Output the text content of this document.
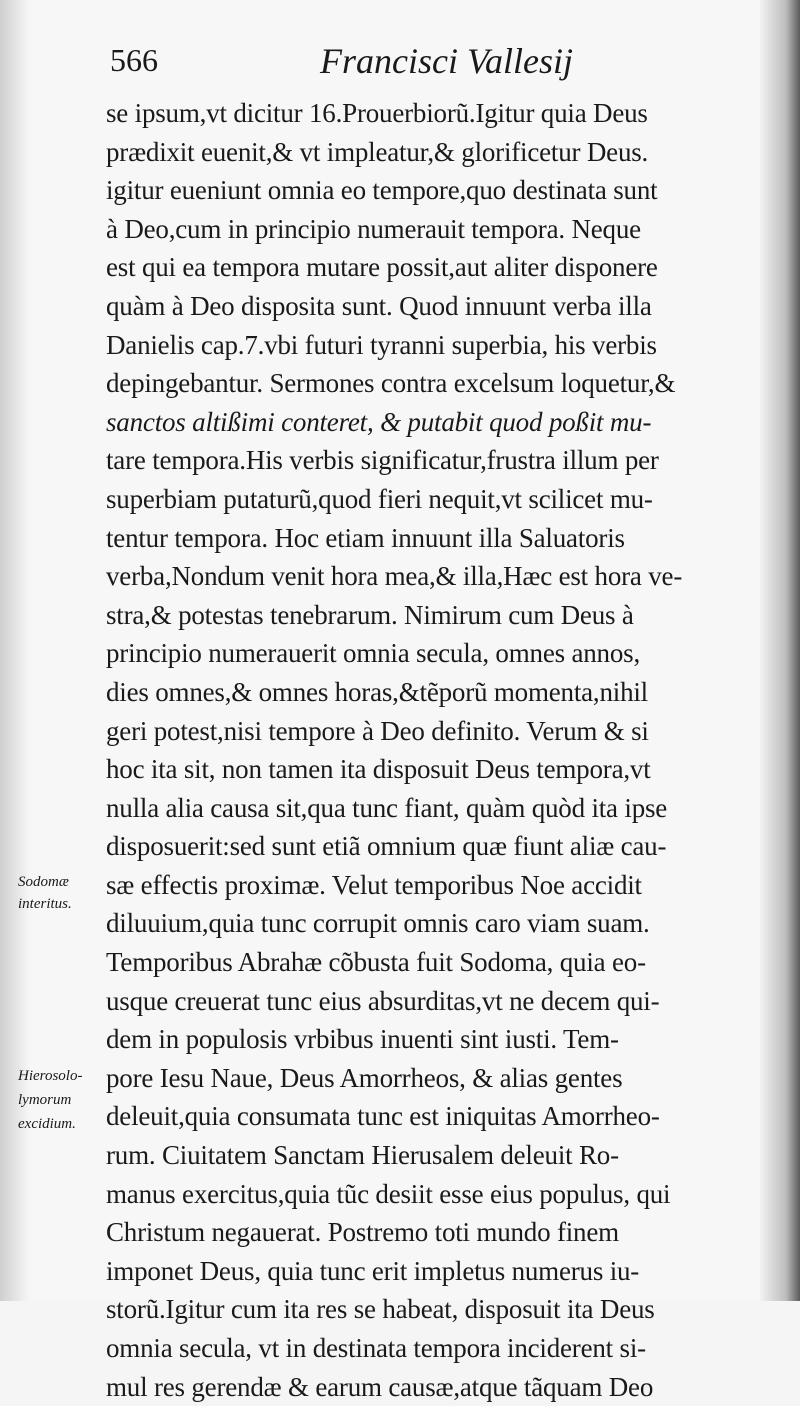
566	Francisci Vallesij
se ipsum,vt dicitur 16.Prouerbiorũ.Igitur quia Deus
prædixit euenit,& vt impleatur,& glorificetur Deus.
igitur eueniunt omnia eo tempore,quo destinata sunt
à Deo,cum in principio numerauit tempora. Neque
est qui ea tempora mutare possit,aut aliter disponere
quàm à Deo disposita sunt. Quod innuunt verba illa
Danielis cap.7.vbi futuri tyranni superbia, his verbis
depingebantur. Sermones contra excelsum loquetur,&
sanctos altißimi conteret, & putabit quod poßit mu-
tare tempora.His verbis significatur,frustra illum per
superbiam putaturũ,quod fieri nequit,vt scilicet mu-
tentur tempora. Hoc etiam innuunt illa Saluatoris
verba,Nondum venit hora mea,& illa,Hæc est hora ve-
stra,& potestas tenebrarum. Nimirum cum Deus à
principio numerauerit omnia secula, omnes annos,
dies omnes,& omnes horas,&tẽporũ momenta,nihil
geri potest,nisi tempore à Deo definito. Verum & si
hoc ita sit, non tamen ita disposuit Deus tempora,vt
nulla alia causa sit,qua tunc fiant, quàm quòd ita ipse
disposuerit:sed sunt etiã omnium quæ fiunt aliæ cau-
sæ effectis proximæ. Velut temporibus Noe accidit
diluuium,quia tunc corrupit omnis caro viam suam.
Temporibus Abrahæ cõbusta fuit Sodoma, quia eo-
usque creuerat tunc eius absurditas,vt ne decem qui-
dem in populosis vrbibus inuenti sint iusti. Tem-
pore Iesu Naue, Deus Amorrheos, & alias gentes
deleuit,quia consumata tunc est iniquitas Amorrheo-
rum. Ciuitatem Sanctam Hierusalem deleuit Ro-
manus exercitus,quia tũc desiit esse eius populus, qui
Christum negauerat. Postremo toti mundo finem
imponet Deus, quia tunc erit impletus numerus iu-
storũ.Igitur cum ita res se habeat, disposuit ita Deus
omnia secula, vt in destinata tempora inciderent si-
mul res gerendæ & earum causæ,atque tãquam Deo
Sodomæ
interitus.
Hierosolo-
lymorum
excidium.
